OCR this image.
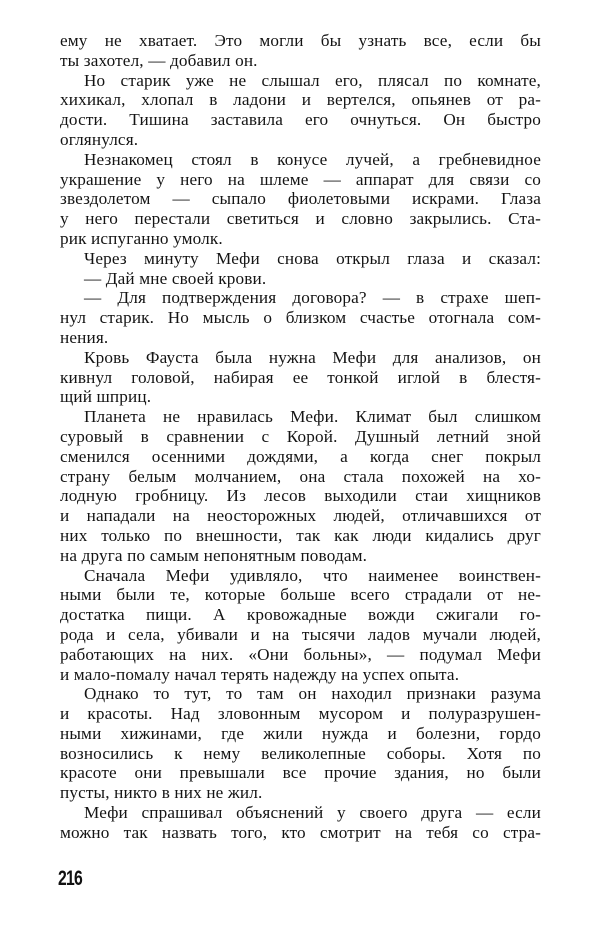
ему не хватает. Это могли бы узнать все, если бы
ты захотел, — добавил он.
Но старик уже не слышал его, плясал по комнате,
хихикал, хлопал в ладони и вертелся, опьянев от ра-
дости. Тишина заставила его очнуться. Он быстро
оглянулся.
Незнакомец стоял в конусе лучей, а гребневидное
украшение у него на шлеме — аппарат для связи со
звездолетом — сыпало фиолетовыми искрами. Глаза
у него перестали светиться и словно закрылись. Ста-
рик испуганно умолк.
Через минуту Мефи снова открыл глаза и сказал:
— Дай мне своей крови.
— Для подтверждения договора? — в страхе шеп-
нул старик. Но мысль о близком счастье отогнала сом-
нения.
Кровь Фауста была нужна Мефи для анализов, он
кивнул головой, набирая ее тонкой иглой в блестя-
щий шприц.
Планета не нравилась Мефи. Климат был слишком
суровый в сравнении с Корой. Душный летний зной
сменился осенними дождями, а когда снег покрыл
страну белым молчанием, она стала похожей на хо-
лодную гробницу. Из лесов выходили стаи хищников
и нападали на неосторожных людей, отличавшихся от
них только по внешности, так как люди кидались друг
на друга по самым непонятным поводам.
Сначала Мефи удивляло, что наименее воинствен-
ными были те, которые больше всего страдали от не-
достатка пищи. А кровожадные вожди сжигали го-
рода и села, убивали и на тысячи ладов мучали людей,
работающих на них. «Они больны», — подумал Мефи
и мало-помалу начал терять надежду на успех опыта.
Однако то тут, то там он находил признаки разума
и красоты. Над зловонным мусором и полуразрушен-
ными хижинами, где жили нужда и болезни, гордо
возносились к нему великолепные соборы. Хотя по
красоте они превышали все прочие здания, но были
пусты, никто в них не жил.
Мефи спрашивал объяснений у своего друга — если
можно так назвать того, кто смотрит на тебя со стра-
216
